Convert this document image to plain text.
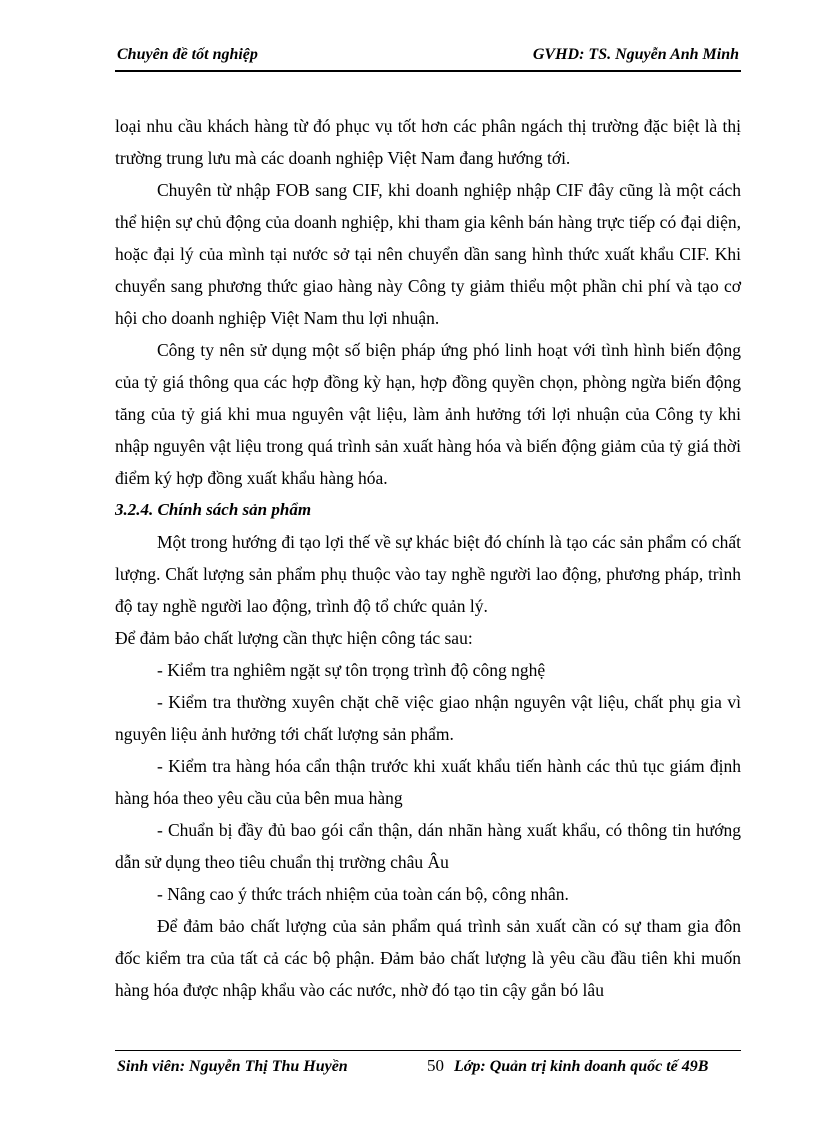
Chuyên đề tốt nghiệp	GVHD: TS. Nguyễn Anh Minh

loại nhu cầu khách hàng từ đó phục vụ tốt hơn các phân ngách thị trường đặc biệt là thị trường trung lưu mà các doanh nghiệp Việt Nam đang hướng tới.

Chuyên từ nhập FOB sang CIF, khi doanh nghiệp nhập CIF đây cũng là một cách thể hiện sự chủ động của doanh nghiệp, khi tham gia kênh bán hàng trực tiếp có đại diện, hoặc đại lý của mình tại nước sở tại nên chuyển dần sang hình thức xuất khẩu CIF. Khi chuyển sang phương thức giao hàng này Công ty giảm thiểu một phần chi phí và tạo cơ hội cho doanh nghiệp Việt Nam thu lợi nhuận.

Công ty nên sử dụng một số biện pháp ứng phó linh hoạt với tình hình biến động của tỷ giá thông qua các hợp đồng kỳ hạn, hợp đồng quyền chọn, phòng ngừa biến động tăng của tỷ giá khi mua nguyên vật liệu, làm ảnh hưởng tới lợi nhuận của Công ty khi nhập nguyên vật liệu trong quá trình sản xuất hàng hóa và biến động giảm của tỷ giá thời điểm ký hợp đồng xuất khẩu hàng hóa.

3.2.4. Chính sách sản phẩm

Một trong hướng đi tạo lợi thế về sự khác biệt đó chính là tạo các sản phẩm có chất lượng. Chất lượng sản phẩm phụ thuộc vào tay nghề người lao động, phương pháp, trình độ tay nghề người lao động, trình độ tổ chức quản lý.

Để đảm bảo chất lượng cần thực hiện công tác sau:

- Kiểm tra nghiêm ngặt sự tôn trọng trình độ công nghệ

- Kiểm tra thường xuyên chặt chẽ việc giao nhận nguyên vật liệu, chất phụ gia vì nguyên liệu ảnh hưởng tới chất lượng sản phẩm.

- Kiểm tra hàng hóa cẩn thận trước khi xuất khẩu tiến hành các thủ tục giám định hàng hóa theo yêu cầu của bên mua hàng

- Chuẩn bị đầy đủ bao gói cẩn thận, dán nhãn hàng xuất khẩu, có thông tin hướng dẫn sử dụng theo tiêu chuẩn thị trường châu Âu

- Nâng cao ý thức trách nhiệm của toàn cán bộ, công nhân.

Để đảm bảo chất lượng của sản phẩm quá trình sản xuất cần có sự tham gia đôn đốc kiểm tra của tất cả các bộ phận. Đảm bảo chất lượng là yêu cầu đầu tiên khi muốn hàng hóa được nhập khẩu vào các nước, nhờ đó tạo tin cậy gắn bó lâu

Sinh viên: Nguyễn Thị Thu Huyền	50 Lớp: Quản trị kinh doanh quốc tế 49B
